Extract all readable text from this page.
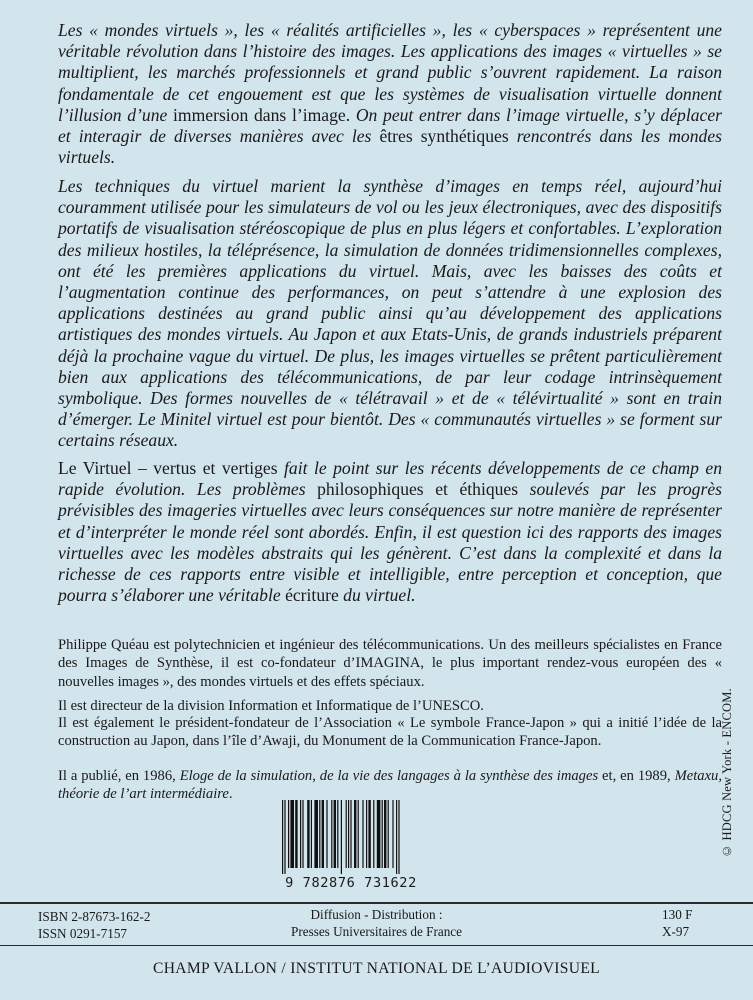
Les « mondes virtuels », les « réalités artificielles », les « cyberspaces » représentent une véritable révolution dans l’histoire des images. Les applications des images « virtuelles » se multiplient, les marchés professionnels et grand public s’ouvrent rapidement. La raison fondamentale de cet engouement est que les systèmes de visualisation virtuelle donnent l’illusion d’une immersion dans l’image. On peut entrer dans l’image virtuelle, s’y déplacer et interagir de diverses manières avec les êtres synthétiques rencontrés dans les mondes virtuels.
Les techniques du virtuel marient la synthèse d’images en temps réel, aujourd’hui couramment utilisée pour les simulateurs de vol ou les jeux électroniques, avec des dispositifs portatifs de visualisation stéréoscopique de plus en plus légers et confortables. L’exploration des milieux hostiles, la téléprésence, la simulation de données tridimensionnelles complexes, ont été les premières applications du virtuel. Mais, avec les baisses des coûts et l’augmentation continue des performances, on peut s’attendre à une explosion des applications destinées au grand public ainsi qu’au développement des applications artistiques des mondes virtuels. Au Japon et aux Etats-Unis, de grands industriels préparent déjà la prochaine vague du virtuel. De plus, les images virtuelles se prêtent particulièrement bien aux applications des télécommunications, de par leur codage intrinsèquement symbolique. Des formes nouvelles de « télétravail » et de « télévirtualité » sont en train d’émerger. Le Minitel virtuel est pour bientôt. Des « communautés virtuelles » se forment sur certains réseaux.
Le Virtuel – vertus et vertiges fait le point sur les récents développements de ce champ en rapide évolution. Les problèmes philosophiques et éthiques soulevés par les progrès prévisibles des imageries virtuelles avec leurs conséquences sur notre manière de représenter et d’interpréter le monde réel sont abordés. Enfin, il est question ici des rapports des images virtuelles avec les modèles abstraits qui les génèrent. C’est dans la complexité et dans la richesse de ces rapports entre visible et intelligible, entre perception et conception, que pourra s’élaborer une véritable écriture du virtuel.
Philippe Quéau est polytechnicien et ingénieur des télécommunications. Un des meilleurs spécialistes en France des Images de Synthèse, il est co-fondateur d’IMAGINA, le plus important rendez-vous européen des « nouvelles images », des mondes virtuels et des effets spéciaux.
Il est directeur de la division Information et Informatique de l’UNESCO.
Il est également le président-fondateur de l’Association « Le symbole France-Japon » qui a initié l’idée de la construction au Japon, dans l’île d’Awaji, du Monument de la Communication France-Japon.
Il a publié, en 1986, Eloge de la simulation, de la vie des langages à la synthèse des images et, en 1989, Metaxu, théorie de l’art intermédiaire.	© HDCG New York - ENCOM.
9 782876 731622
ISBN 2-87673-162-2
ISSN 0291-7157
Diffusion - Distribution :
Presses Universitaires de France
130 F
X-97
CHAMP VALLON / INSTITUT NATIONAL DE L’AUDIOVISUEL
